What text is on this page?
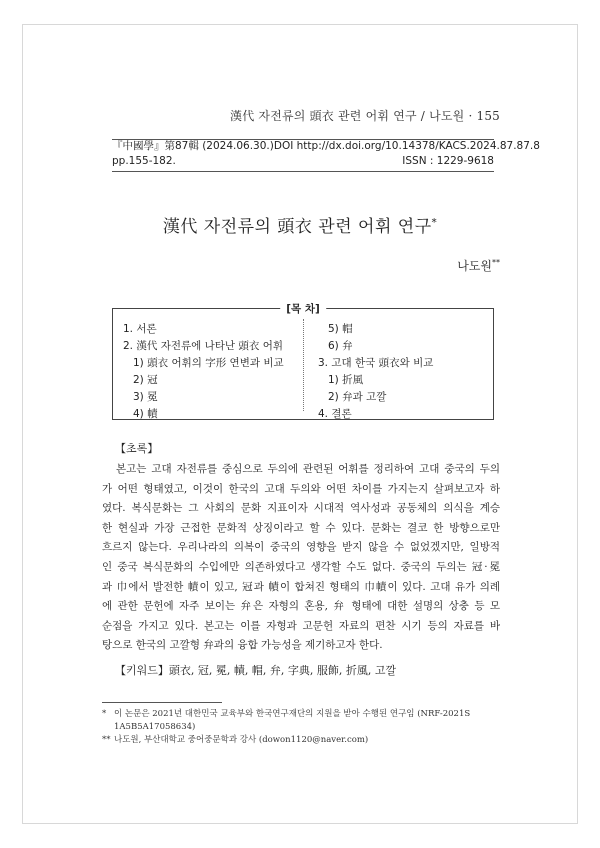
漢代 자전류의 頭衣 관련 어휘 연구 / 나도원 · 155
『中國學』第87輯 (2024.06.30.) DOI http://dx.doi.org/10.14378/KACS.2024.87.87.8
pp.155-182.	ISSN : 1229-9618
漢代 자전류의 頭衣 관련 어휘 연구*
나도원**
[목 차]
1. 서론
2. 漢代 자전류에 나타난 頭衣 어휘
1) 頭衣 어휘의 字形 연변과 비교
2) 冠
3) 冕
4) 幘
5) 帽
6) 弁
3. 고대 한국 頭衣와 비교
1) 折風
2) 弁과 고깔
4. 결론
【초록】

본고는 고대 자전류를 중심으로 두의에 관련된 어휘를 정리하여 고대 중국의 두의
가 어떤 형태였고, 이것이 한국의 고대 두의와 어떤 차이를 가지는지 살펴보고자 하
였다. 복식문화는 그 사회의 문화 지표이자 시대적 역사성과 공동체의 의식을 계승
한 현실과 가장 근접한 문화적 상징이라고 할 수 있다. 문화는 결코 한 방향으로만
흐르지 않는다. 우리나라의 의복이 중국의 영향을 받지 않을 수 없었겠지만, 일방적
인 중국 복식문화의 수입에만 의존하였다고 생각할 수도 없다. 중국의 두의는 冠·冕
과 巾에서 발전한 幘이 있고, 冠과 幘이 합쳐진 형태의 巾幘이 있다. 고대 유가 의례
에 관한 문헌에 자주 보이는 弁은 자형의 혼용, 弁 형태에 대한 설명의 상충 등 모
순점을 가지고 있다. 본고는 이를 자형과 고문헌 자료의 편찬 시기 등의 자료를 바
탕으로 한국의 고깔형 弁과의 융합 가능성을 제기하고자 한다.

【키워드】頭衣, 冠, 冕, 幘, 帽, 弁, 字典, 服飾, 折風, 고깔
* 이 논문은 2021년 대한민국 교육부와 한국연구재단의 지원을 받아 수행된 연구임 (NRF-2021S
1A5B5A17058634)
** 나도원, 부산대학교 중어중문학과 강사 (dowon1120@naver.com)
